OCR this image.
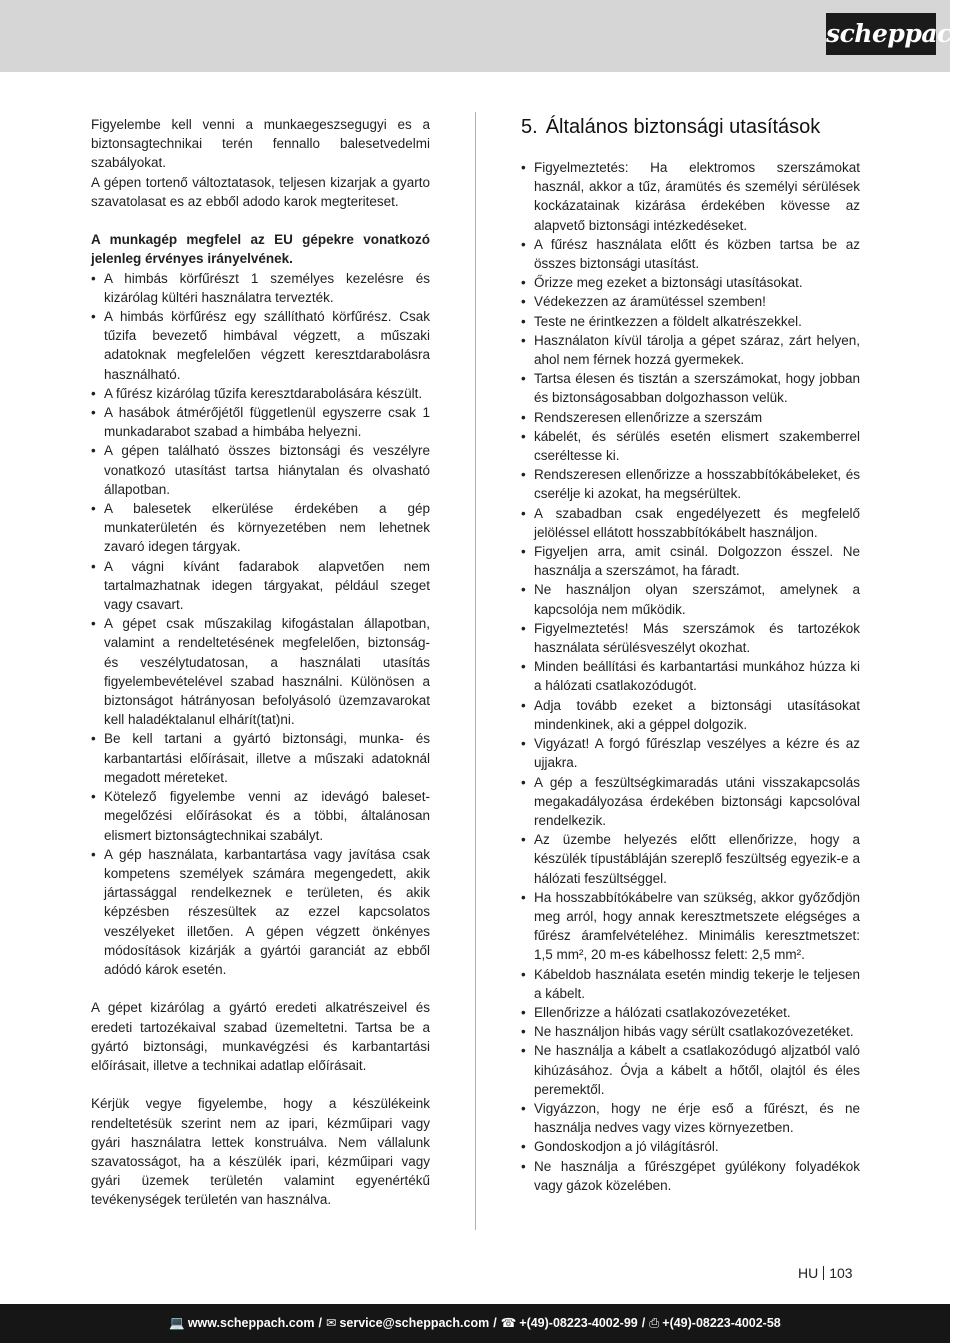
scheppach

Figyelembe kell venni a munkaegeszsegugyi es a biztonsagtechnikai terén fennallo balesetvedelmi szabályokat.

A gépen tortenő változtatasok, teljesen kizarjak a gyarto szavatolasat es az ebből adodo karok megteriteset.

A munkagép megfelel az EU gépekre vonatkozó jelenleg érvényes irányelvének.

• A himbás körfűrészt 1 személyes kezelésre és kizárólag kültéri használatra tervezték.
• A himbás körfűrész egy szállítható körfűrész. Csak tűzifa bevezető himbával végzett, a műszaki adatoknak megfelelően végzett keresztdarabolásra használható.
• A fűrész kizárólag tűzifa keresztdarabolására készült.
• A hasábok átmérőjétől függetlenül egyszerre csak 1 munkadarabot szabad a himbába helyezni.
• A gépen található összes biztonsági és veszélyre vonatkozó utasítást tartsa hiánytalan és olvasható állapotban.
• A balesetek elkerülése érdekében a gép munkaterületén és környezetében nem lehetnek zavaró idegen tárgyak.
• A vágni kívánt fadarabok alapvetően nem tartalmazhatnak idegen tárgyakat, például szeget vagy csavart.
• A gépet csak műszakilag kifogástalan állapotban, valamint a rendeltetésének megfelelően, biztonság- és veszélytudatosan, a használati utasítás figyelembevételével szabad használni. Különösen a biztonságot hátrányosan befolyásoló üzemzavarokat kell haladéktalanul elhárít(tat)ni.
• Be kell tartani a gyártó biztonsági, munka- és karbantartási előírásait, illetve a műszaki adatoknál megadott méreteket.
• Kötelező figyelembe venni az idevágó baleset-megelőzési előírásokat és a többi, általánosan elismert biztonságtechnikai szabályt.
• A gép használata, karbantartása vagy javítása csak kompetens személyek számára megengedett, akik jártassággal rendelkeznek e területen, és akik képzésben részesültek az ezzel kapcsolatos veszélyeket illetően. A gépen végzett önkényes módosítások kizárják a gyártói garanciát az ebből adódó károk esetén.

A gépet kizárólag a gyártó eredeti alkatrészeivel és eredeti tartozékaival szabad üzemeltetni. Tartsa be a gyártó biztonsági, munkavégzési és karbantartási előírásait, illetve a technikai adatlap előírásait.

Kérjük vegye figyelembe, hogy a készülékeink rendeltetésük szerint nem az ipari, kézműipari vagy gyári használatra lettek konstruálva. Nem vállalunk szavatosságot, ha a készülék ipari, kézműipari vagy gyári üzemek területén valamint egyenértékű tevékenységek területén van használva.

5. Általános biztonsági utasítások
• Figyelmeztetés: Ha elektromos szerszámokat használ, akkor a tűz, áramütés és személyi sérülések kockázatainak kizárása érdekében kövesse az alapvető biztonsági intézkedéseket.
• A fűrész használata előtt és közben tartsa be az összes biztonsági utasítást.
• Őrizze meg ezeket a biztonsági utasításokat.
• Védekezzen az áramütéssel szemben!
• Teste ne érintkezzen a földelt alkatrészekkel.
• Használaton kívül tárolja a gépet száraz, zárt helyen, ahol nem férnek hozzá gyermekek.
• Tartsa élesen és tisztán a szerszámokat, hogy jobban és biztonságosabban dolgozhasson velük.
• Rendszeresen ellenőrizze a szerszám
• kábelét, és sérülés esetén elismert szakemberrel cseréltesse ki.
• Rendszeresen ellenőrizze a hosszabbítókábeleket, és cserélje ki azokat, ha megsérültek.
• A szabadban csak engedélyezett és megfelelő jelöléssel ellátott hosszabbítókábelt használjon.
• Figyeljen arra, amit csinál. Dolgozzon ésszel. Ne használja a szerszámot, ha fáradt.
• Ne használjon olyan szerszámot, amelynek a kapcsolója nem működik.
• Figyelmeztetés! Más szerszámok és tartozékok használata sérülésveszélyt okozhat.
• Minden beállítási és karbantartási munkához húzza ki a hálózati csatlakozódugót.
• Adja tovább ezeket a biztonsági utasításokat mindenkinek, aki a géppel dolgozik.
• Vigyázat! A forgó fűrészlap veszélyes a kézre és az ujjakra.
• A gép a feszültségkimaradás utáni visszakapcsolás megakadályozása érdekében biztonsági kapcsolóval rendelkezik.
• Az üzembe helyezés előtt ellenőrizze, hogy a készülék típustábláján szereplő feszültség egyezik-e a hálózati feszültséggel.
• Ha hosszabbítókábelre van szükség, akkor győződjön meg arról, hogy annak keresztmetszete elégséges a fűrész áramfelvételéhez. Minimális keresztmetszet: 1,5 mm², 20 m-es kábelhossz felett: 2,5 mm².
• Kábeldob használata esetén mindig tekerje le teljesen a kábelt.
• Ellenőrizze a hálózati csatlakozóvezetéket.
• Ne használjon hibás vagy sérült csatlakozóvezetéket.
• Ne használja a kábelt a csatlakozódugó aljzatból való kihúzásához. Óvja a kábelt a hőtől, olajtól és éles peremektől.
• Vigyázzon, hogy ne érje eső a fűrészt, és ne használja nedves vagy vizes környezetben.
• Gondoskodjon a jó világításról.
• Ne használja a fűrészgépet gyúlékony folyadékok vagy gázok közelében.
HU 103
💻 www.scheppach.com / ✉ service@scheppach.com / ☎ +(49)-08223-4002-99 / ⎙ +(49)-08223-4002-58
